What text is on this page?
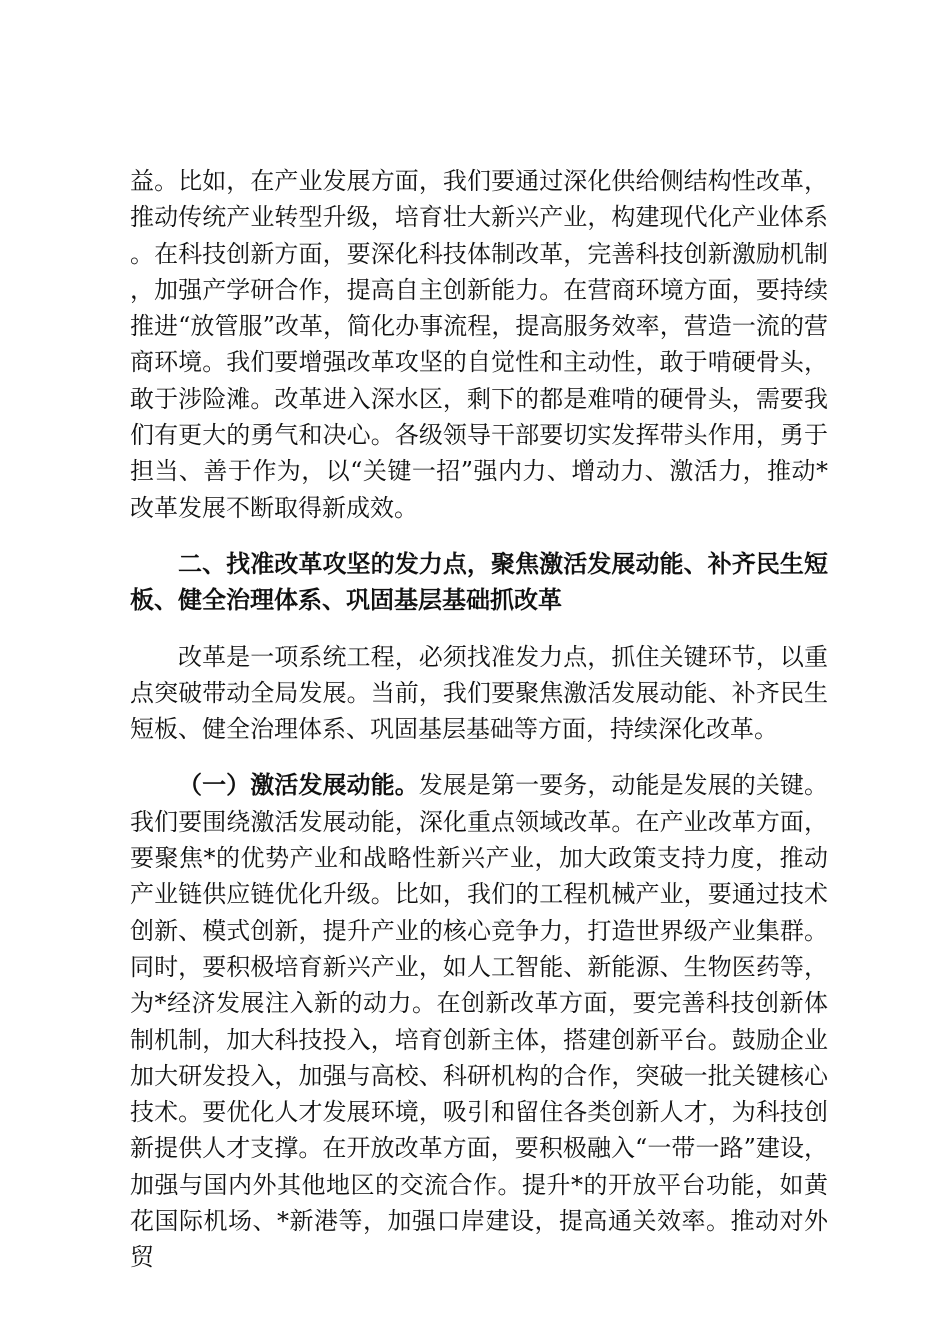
益。比如，在产业发展方面，我们要通过深化供给侧结构性改革，推动传统产业转型升级，培育壮大新兴产业，构建现代化产业体系。在科技创新方面，要深化科技体制改革，完善科技创新激励机制，加强产学研合作，提高自主创新能力。在营商环境方面，要持续推进“放管服”改革，简化办事流程，提高服务效率，营造一流的营商环境。我们要增强改革攻坚的自觉性和主动性，敢于啃硬骨头，敢于涉险滩。改革进入深水区，剩下的都是难啃的硬骨头，需要我们有更大的勇气和决心。各级领导干部要切实发挥带头作用，勇于担当、善于作为，以“关键一招”强内力、增动力、激活力，推动*改革发展不断取得新成效。

二、找准改革攻坚的发力点，聚焦激活发展动能、补齐民生短板、健全治理体系、巩固基层基础抓改革

改革是一项系统工程，必须找准发力点，抓住关键环节，以重点突破带动全局发展。当前，我们要聚焦激活发展动能、补齐民生短板、健全治理体系、巩固基层基础等方面，持续深化改革。

（一）激活发展动能。发展是第一要务，动能是发展的关键。我们要围绕激活发展动能，深化重点领域改革。在产业改革方面，要聚焦*的优势产业和战略性新兴产业，加大政策支持力度，推动产业链供应链优化升级。比如，我们的工程机械产业，要通过技术创新、模式创新，提升产业的核心竞争力，打造世界级产业集群。同时，要积极培育新兴产业，如人工智能、新能源、生物医药等，为*经济发展注入新的动力。在创新改革方面，要完善科技创新体制机制，加大科技投入，培育创新主体，搭建创新平台。鼓励企业加大研发投入，加强与高校、科研机构的合作，突破一批关键核心技术。要优化人才发展环境，吸引和留住各类创新人才，为科技创新提供人才支撑。在开放改革方面，要积极融入“一带一路”建设，加强与国内外其他地区的交流合作。提升*的开放平台功能，如黄花国际机场、*新港等，加强口岸建设，提高通关效率。推动对外贸
